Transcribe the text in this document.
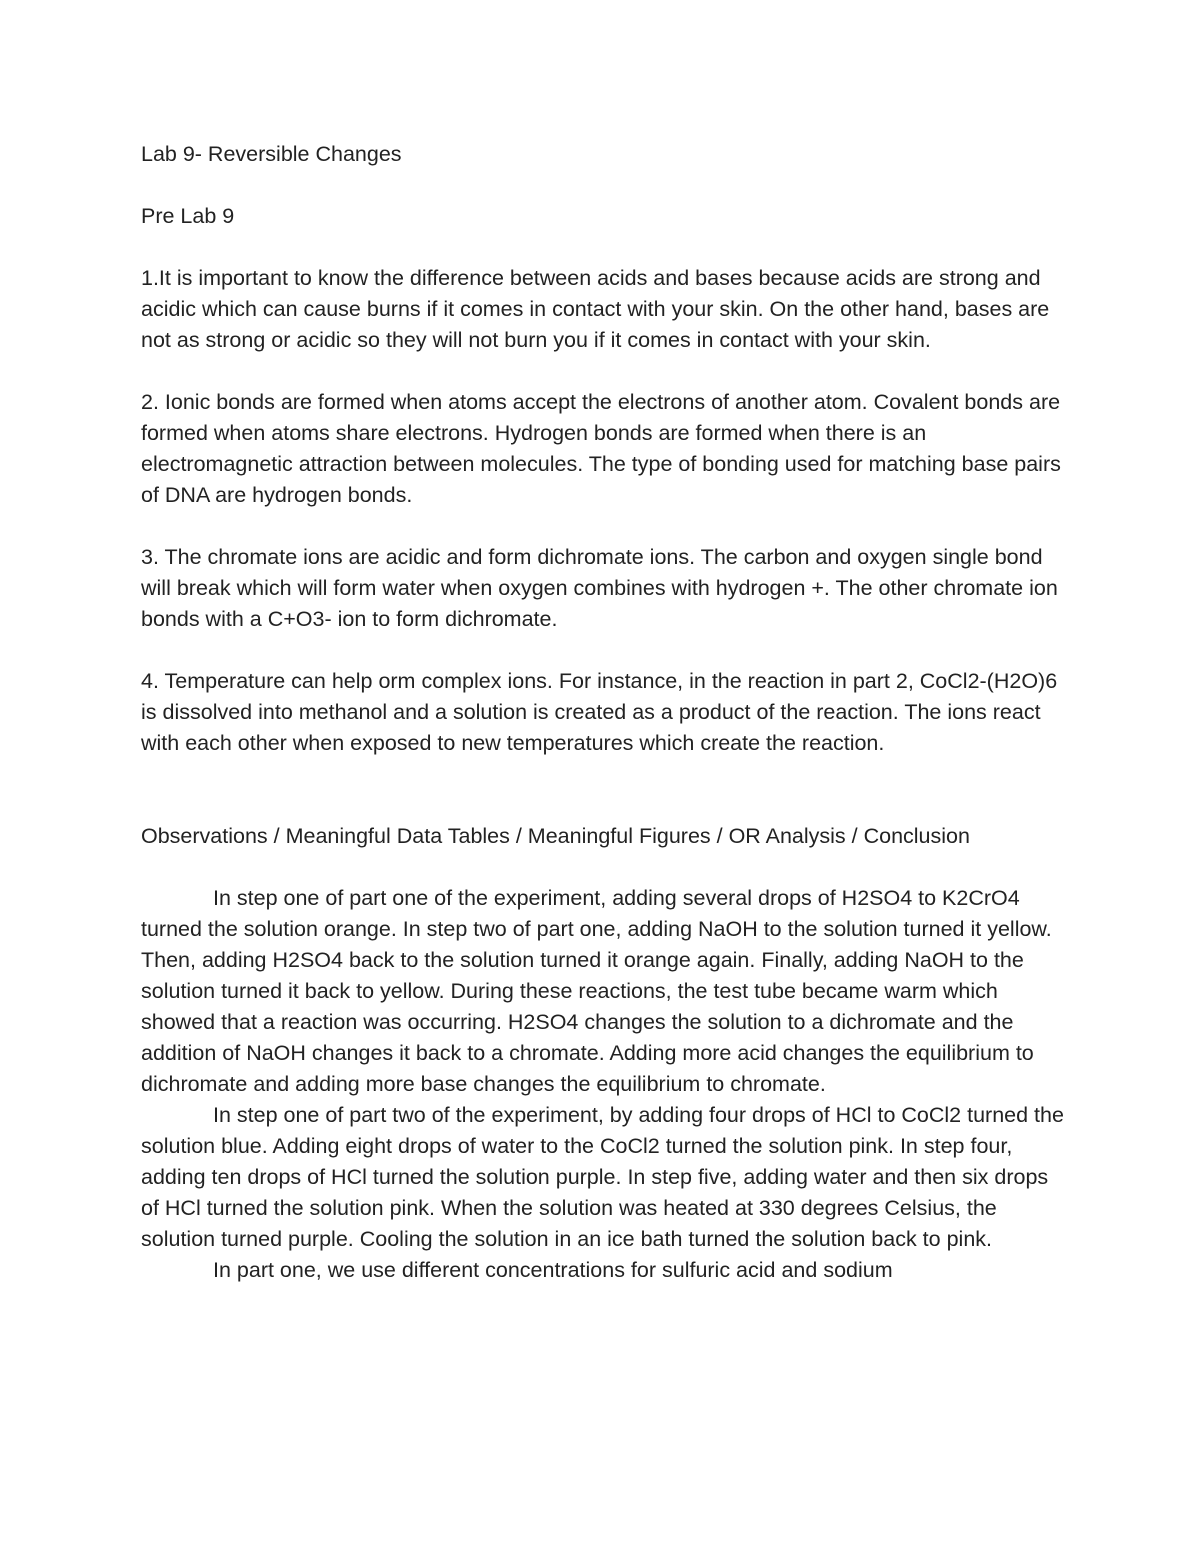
Lab 9- Reversible Changes

Pre Lab 9

1.It is important to know the difference between acids and bases because acids are strong and acidic which can cause burns if it comes in contact with your skin. On the other hand, bases are not as strong or acidic so they will not burn you if it comes in contact with your skin.

2. Ionic bonds are formed when atoms accept the electrons of another atom. Covalent bonds are formed when atoms share electrons. Hydrogen bonds are formed when there is an electromagnetic attraction between molecules. The type of bonding used for matching base pairs of DNA are hydrogen bonds.

3. The chromate ions are acidic and form dichromate ions. The carbon and oxygen single bond will break which will form water when oxygen combines with hydrogen +. The other chromate ion bonds with a C+O3- ion to form dichromate.

4. Temperature can help orm complex ions. For instance, in the reaction in part 2, CoCl2-(H2O)6 is dissolved into methanol and a solution is created as a product of the reaction. The ions react with each other when exposed to new temperatures which create the reaction.

Observations / Meaningful Data Tables / Meaningful Figures / OR Analysis / Conclusion

In step one of part one of the experiment, adding several drops of H2SO4 to K2CrO4 turned the solution orange. In step two of part one, adding NaOH to the solution turned it yellow. Then, adding H2SO4 back to the solution turned it orange again. Finally, adding NaOH to the solution turned it back to yellow. During these reactions, the test tube became warm which showed that a reaction was occurring. H2SO4 changes the solution to a dichromate and the addition of NaOH changes it back to a chromate. Adding more acid changes the equilibrium to dichromate and adding more base changes the equilibrium to chromate.

In step one of part two of the experiment, by adding four drops of HCl to CoCl2 turned the solution blue. Adding eight drops of water to the CoCl2 turned the solution pink. In step four, adding ten drops of HCl turned the solution purple. In step five, adding water and then six drops of HCl turned the solution pink. When the solution was heated at 330 degrees Celsius, the solution turned purple. Cooling the solution in an ice bath turned the solution back to pink.

In part one, we use different concentrations for sulfuric acid and sodium
